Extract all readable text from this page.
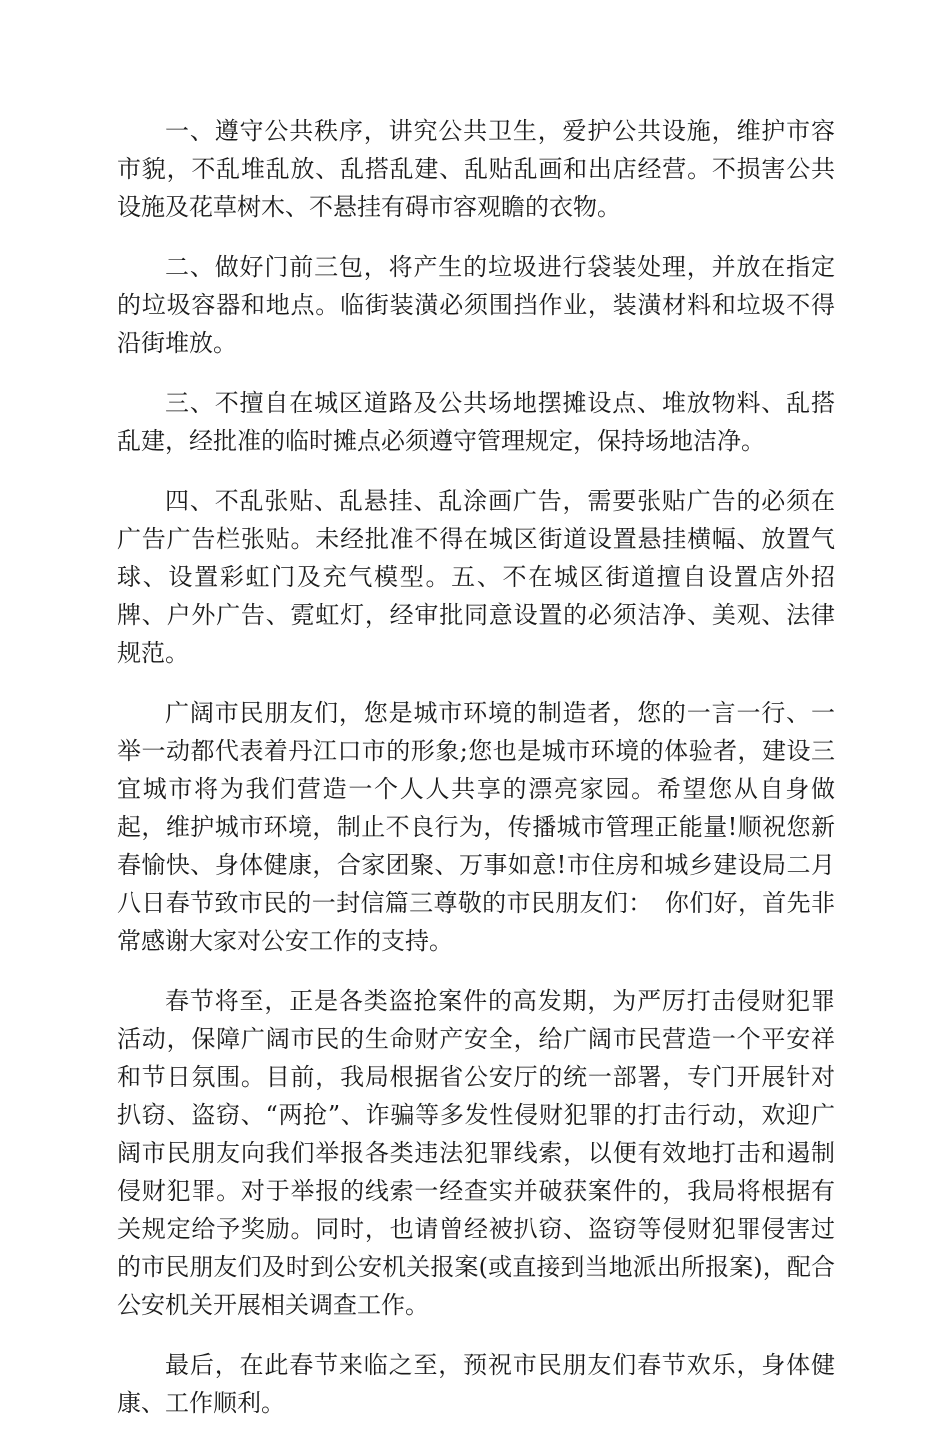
一、遵守公共秩序，讲究公共卫生，爱护公共设施，维护市容市貌，不乱堆乱放、乱搭乱建、乱贴乱画和出店经营。不损害公共设施及花草树木、不悬挂有碍市容观瞻的衣物。

二、做好门前三包，将产生的垃圾进行袋装处理，并放在指定的垃圾容器和地点。临街装潢必须围挡作业，装潢材料和垃圾不得沿街堆放。

三、不擅自在城区道路及公共场地摆摊设点、堆放物料、乱搭乱建，经批准的临时摊点必须遵守管理规定，保持场地洁净。

四、不乱张贴、乱悬挂、乱涂画广告，需要张贴广告的必须在广告广告栏张贴。未经批准不得在城区街道设置悬挂横幅、放置气球、设置彩虹门及充气模型。五、不在城区街道擅自设置店外招牌、户外广告、霓虹灯，经审批同意设置的必须洁净、美观、法律规范。

广阔市民朋友们，您是城市环境的制造者，您的一言一行、一举一动都代表着丹江口市的形象;您也是城市环境的体验者，建设三宜城市将为我们营造一个人人共享的漂亮家园。希望您从自身做起，维护城市环境，制止不良行为，传播城市管理正能量!顺祝您新春愉快、身体健康，合家团聚、万事如意!市住房和城乡建设局二月八日春节致市民的一封信篇三尊敬的市民朋友们：　你们好，首先非常感谢大家对公安工作的支持。

春节将至，正是各类盗抢案件的高发期，为严厉打击侵财犯罪活动，保障广阔市民的生命财产安全，给广阔市民营造一个平安祥和节日氛围。目前，我局根据省公安厅的统一部署，专门开展针对扒窃、盗窃、“两抢”、诈骗等多发性侵财犯罪的打击行动，欢迎广阔市民朋友向我们举报各类违法犯罪线索，以便有效地打击和遏制侵财犯罪。对于举报的线索一经查实并破获案件的，我局将根据有关规定给予奖励。同时，也请曾经被扒窃、盗窃等侵财犯罪侵害过的市民朋友们及时到公安机关报案(或直接到当地派出所报案)，配合公安机关开展相关调查工作。

最后，在此春节来临之至，预祝市民朋友们春节欢乐，身体健康、工作顺利。
